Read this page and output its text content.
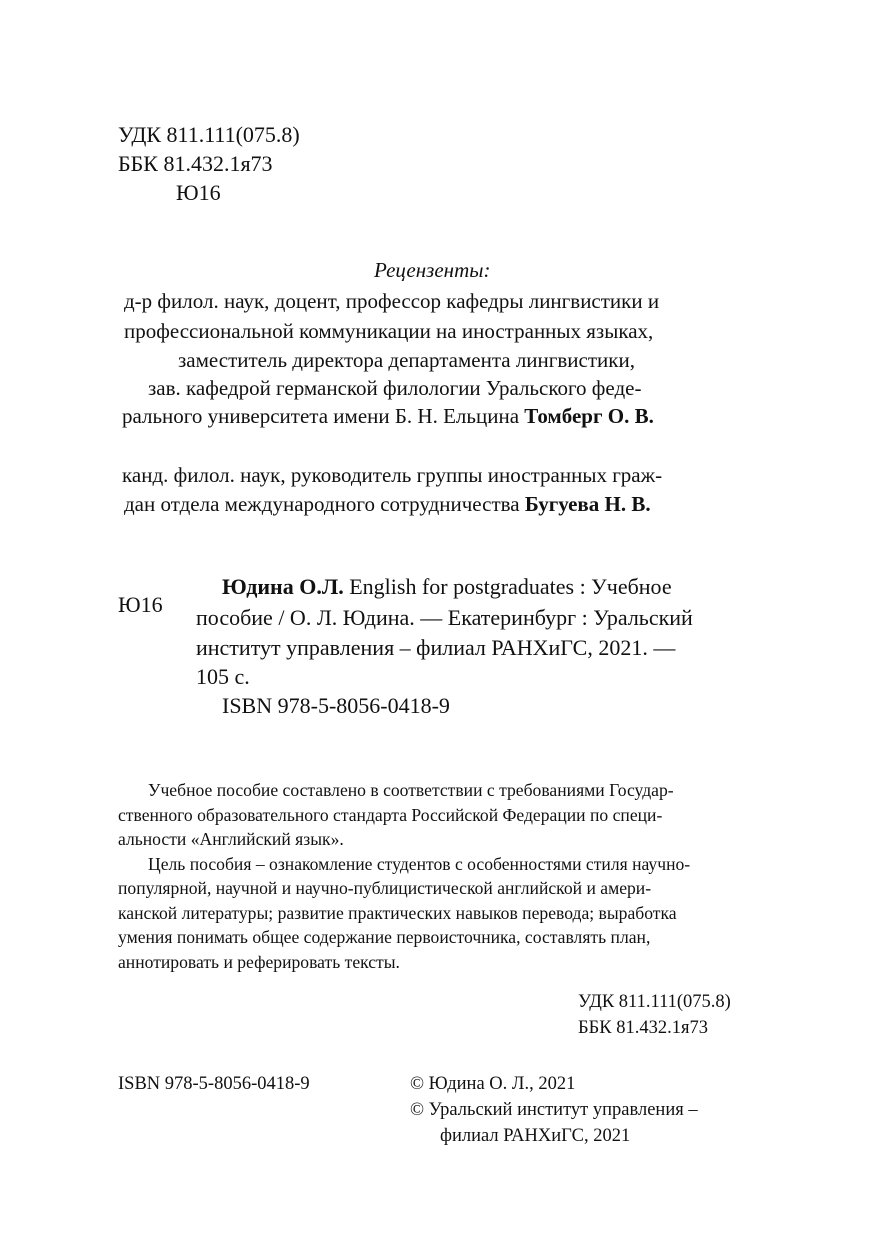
УДК 811.111(075.8)
ББК 81.432.1я73
Ю16
Рецензенты:
д-р филол. наук, доцент, профессор кафедры лингвистики и
профессиональной коммуникации на иностранных языках,
заместитель директора департамента лингвистики,
зав. кафедрой германской филологии Уральского феде-
рального университета имени Б. Н. Ельцина Томберг О. В.
канд. филол. наук, руководитель группы иностранных граж-
дан отдела международного сотрудничества Бугуева Н. В.
Ю16
Юдина О.Л. English for postgraduates : Учебное
пособие / О. Л. Юдина. — Екатеринбург : Уральский
институт управления – филиал РАНХиГС, 2021. —
105 с.
ISBN 978-5-8056-0418-9
Учебное пособие составлено в соответствии с требованиями Государ-
ственного образовательного стандарта Российской Федерации по специ-
альности «Английский язык».
Цель пособия – ознакомление студентов с особенностями стиля научно-
популярной, научной и научно-публицистической английской и амери-
канской литературы; развитие практических навыков перевода; выработка
умения понимать общее содержание первоисточника, составлять план,
аннотировать и реферировать тексты.
УДК 811.111(075.8)
ББК 81.432.1я73
ISBN 978-5-8056-0418-9	© Юдина О. Л., 2021
© Уральский институт управления –
филиал РАНХиГС, 2021
